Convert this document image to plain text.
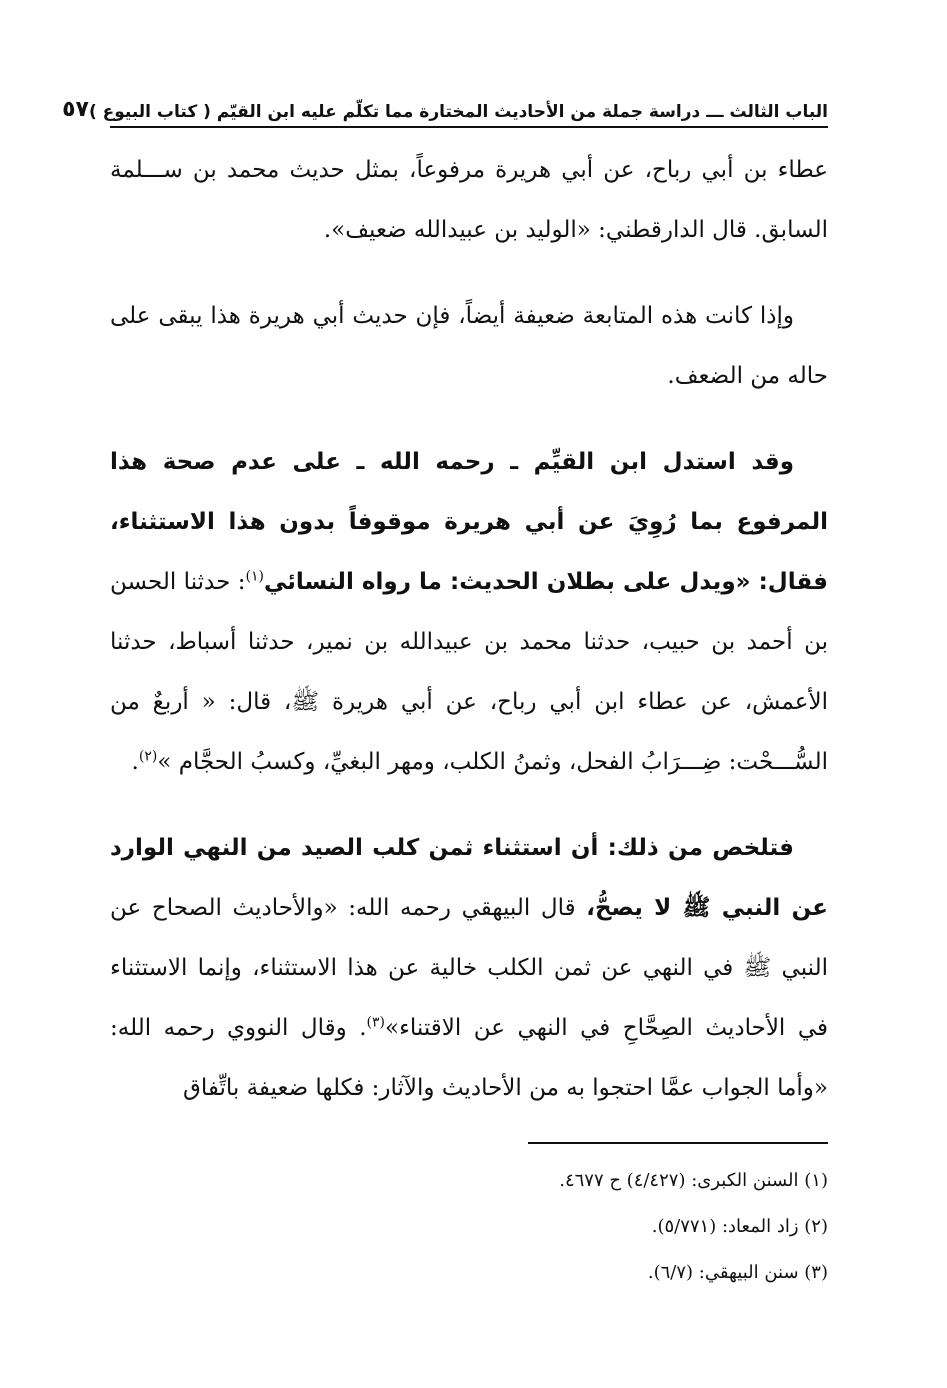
الباب الثالث ـــ دراسة جملة من الأحاديث المختارة مما تكلّم عليه ابن القيّم ( كتاب البيوع )
٥٧

عطاء بن أبي رباح، عن أبي هريرة مرفوعاً، بمثل حديث محمد بن ســـلمة السابق. قال الدارقطني: «الوليد بن عبيدالله ضعيف».

وإذا كانت هذه المتابعة ضعيفة أيضاً، فإن حديث أبي هريرة هذا يبقى على حاله من الضعف.

وقد استدل ابن القيِّم ـ رحمه الله ـ على عدم صحة هذا المرفوع بما رُوِيَ عن أبي هريرة موقوفاً بدون هذا الاستثناء، فقال: «ويدل على بطلان الحديث: ما رواه النسائي$^{(١)}$: حدثنا الحسن بن أحمد بن حبيب، حدثنا محمد بن عبيدالله بن نمير، حدثنا أسباط، حدثنا الأعمش، عن عطاء ابن أبي رباح، عن أبي هريرة ﷺ، قال: « أربعٌ من السُّـــحْت: ضِـــرَابُ الفحل، وثمنُ الكلب، ومهر البغيِّ، وكسبُ الحجَّام »$^{(٢)}$.

فتلخص من ذلك: أن استثناء ثمن كلب الصيد من النهي الوارد عن النبي ﷺ لا يصحُّ، قال البيهقي رحمه الله: «والأحاديث الصحاح عن النبي ﷺ في النهي عن ثمن الكلب خالية عن هذا الاستثناء، وإنما الاستثناء في الأحاديث الصِحَّاحِ في النهي عن الاقتناء»$^{(٣)}$. وقال النووي رحمه الله: «وأما الجواب عمَّا احتجوا به من الأحاديث والآثار: فكلها ضعيفة باتِّفاق

(١) السنن الكبرى: (٤/٤٢٧) ح ٤٦٧٧.

(٢) زاد المعاد: (٥/٧٧١).

(٣) سنن البيهقي: (٦/٧).
